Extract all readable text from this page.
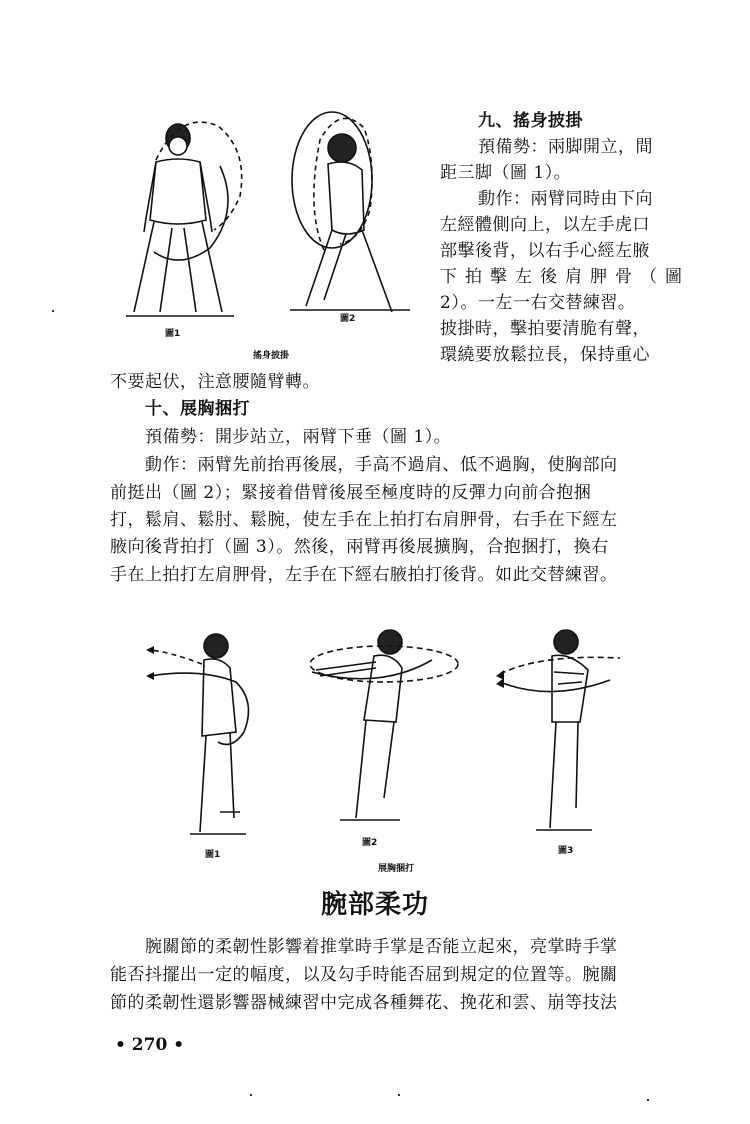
圖1
圖2
搖身披掛
九、搖身披掛
預備勢：兩脚開立，間
距三脚（圖 1）。
動作：兩臂同時由下向
左經體側向上，以左手虎口
部擊後背，以右手心經左腋
下拍擊左後肩胛骨（圖
2）。一左一右交替練習。
披掛時，擊拍要清脆有聲，
環繞要放鬆拉長，保持重心
不要起伏，注意腰隨臂轉。
十、展胸捆打
預備勢：開步站立，兩臂下垂（圖 1）。
動作：兩臂先前抬再後展，手高不過肩、低不過胸，使胸部向
前挺出（圖 2）；緊接着借臂後展至極度時的反彈力向前合抱捆
打，鬆肩、鬆肘、鬆腕，使左手在上拍打右肩胛骨，右手在下經左
腋向後背拍打（圖 3）。然後，兩臂再後展擴胸，合抱捆打，換右
手在上拍打左肩胛骨，左手在下經右腋拍打後背。如此交替練習。
圖1
圖2
圖3
展胸捆打
腕部柔功
腕關節的柔韌性影響着推掌時手掌是否能立起來，亮掌時手掌
能否抖擺出一定的幅度，以及勾手時能否屈到規定的位置等。腕關
節的柔韌性還影響器械練習中完成各種舞花、挽花和雲、崩等技法
• 270 •
